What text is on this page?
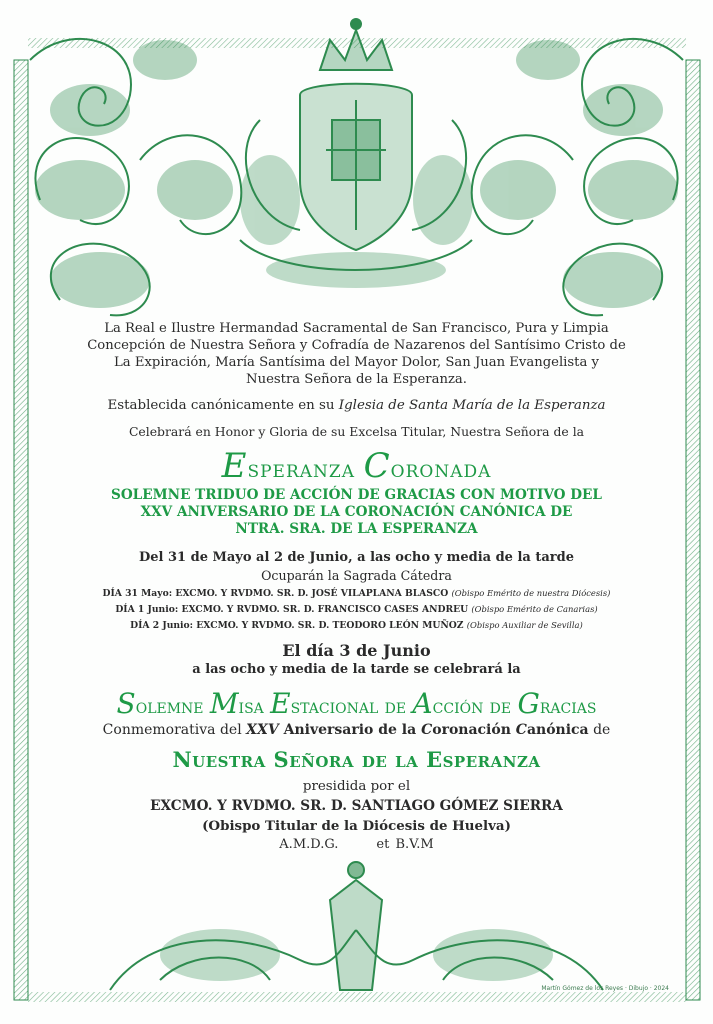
La Real e Ilustre Hermandad Sacramental de San Francisco, Pura y Limpia
Concepción de Nuestra Señora y Cofradía de Nazarenos del Santísimo Cristo de
La Expiración, María Santísima del Mayor Dolor, San Juan Evangelista y
Nuestra Señora de la Esperanza.

Establecida canónicamente en su Iglesia de Santa María de la Esperanza

Celebrará en Honor y Gloria de su Excelsa Titular, Nuestra Señora de la

Esperanza Coronada
SOLEMNE TRIDUO DE ACCIÓN DE GRACIAS CON MOTIVO DEL
XXV ANIVERSARIO DE LA CORONACIÓN CANÓNICA DE
NTRA. SRA. DE LA ESPERANZA

Del 31 de Mayo al 2 de Junio, a las ocho y media de la tarde

Ocuparán la Sagrada Cátedra

DÍA 31 Mayo: EXCMO. Y RVDMO. SR. D. JOSÉ VILAPLANA BLASCO (Obispo Emérito de nuestra Diócesis)

DÍA 1 Junio: EXCMO. Y RVDMO. SR. D. FRANCISCO CASES ANDREU (Obispo Emérito de Canarias)

DÍA 2 Junio: EXCMO. Y RVDMO. SR. D. TEODORO LEÓN MUÑOZ (Obispo Auxiliar de Sevilla)

El día 3 de Junio

a las ocho y media de la tarde se celebrará la

Solemne Misa Estacional de Acción de Gracias

Conmemorativa del XXV Aniversario de la Coronación Canónica de

Nuestra Señora de la Esperanza

presidida por el

EXCMO. Y RVDMO. SR. D. SANTIAGO GÓMEZ SIERRA

(Obispo Titular de la Diócesis de Huelva)

A.M.D.G.	et B.V.M

Martín Gómez de los Reyes · Dibujo · 2024
